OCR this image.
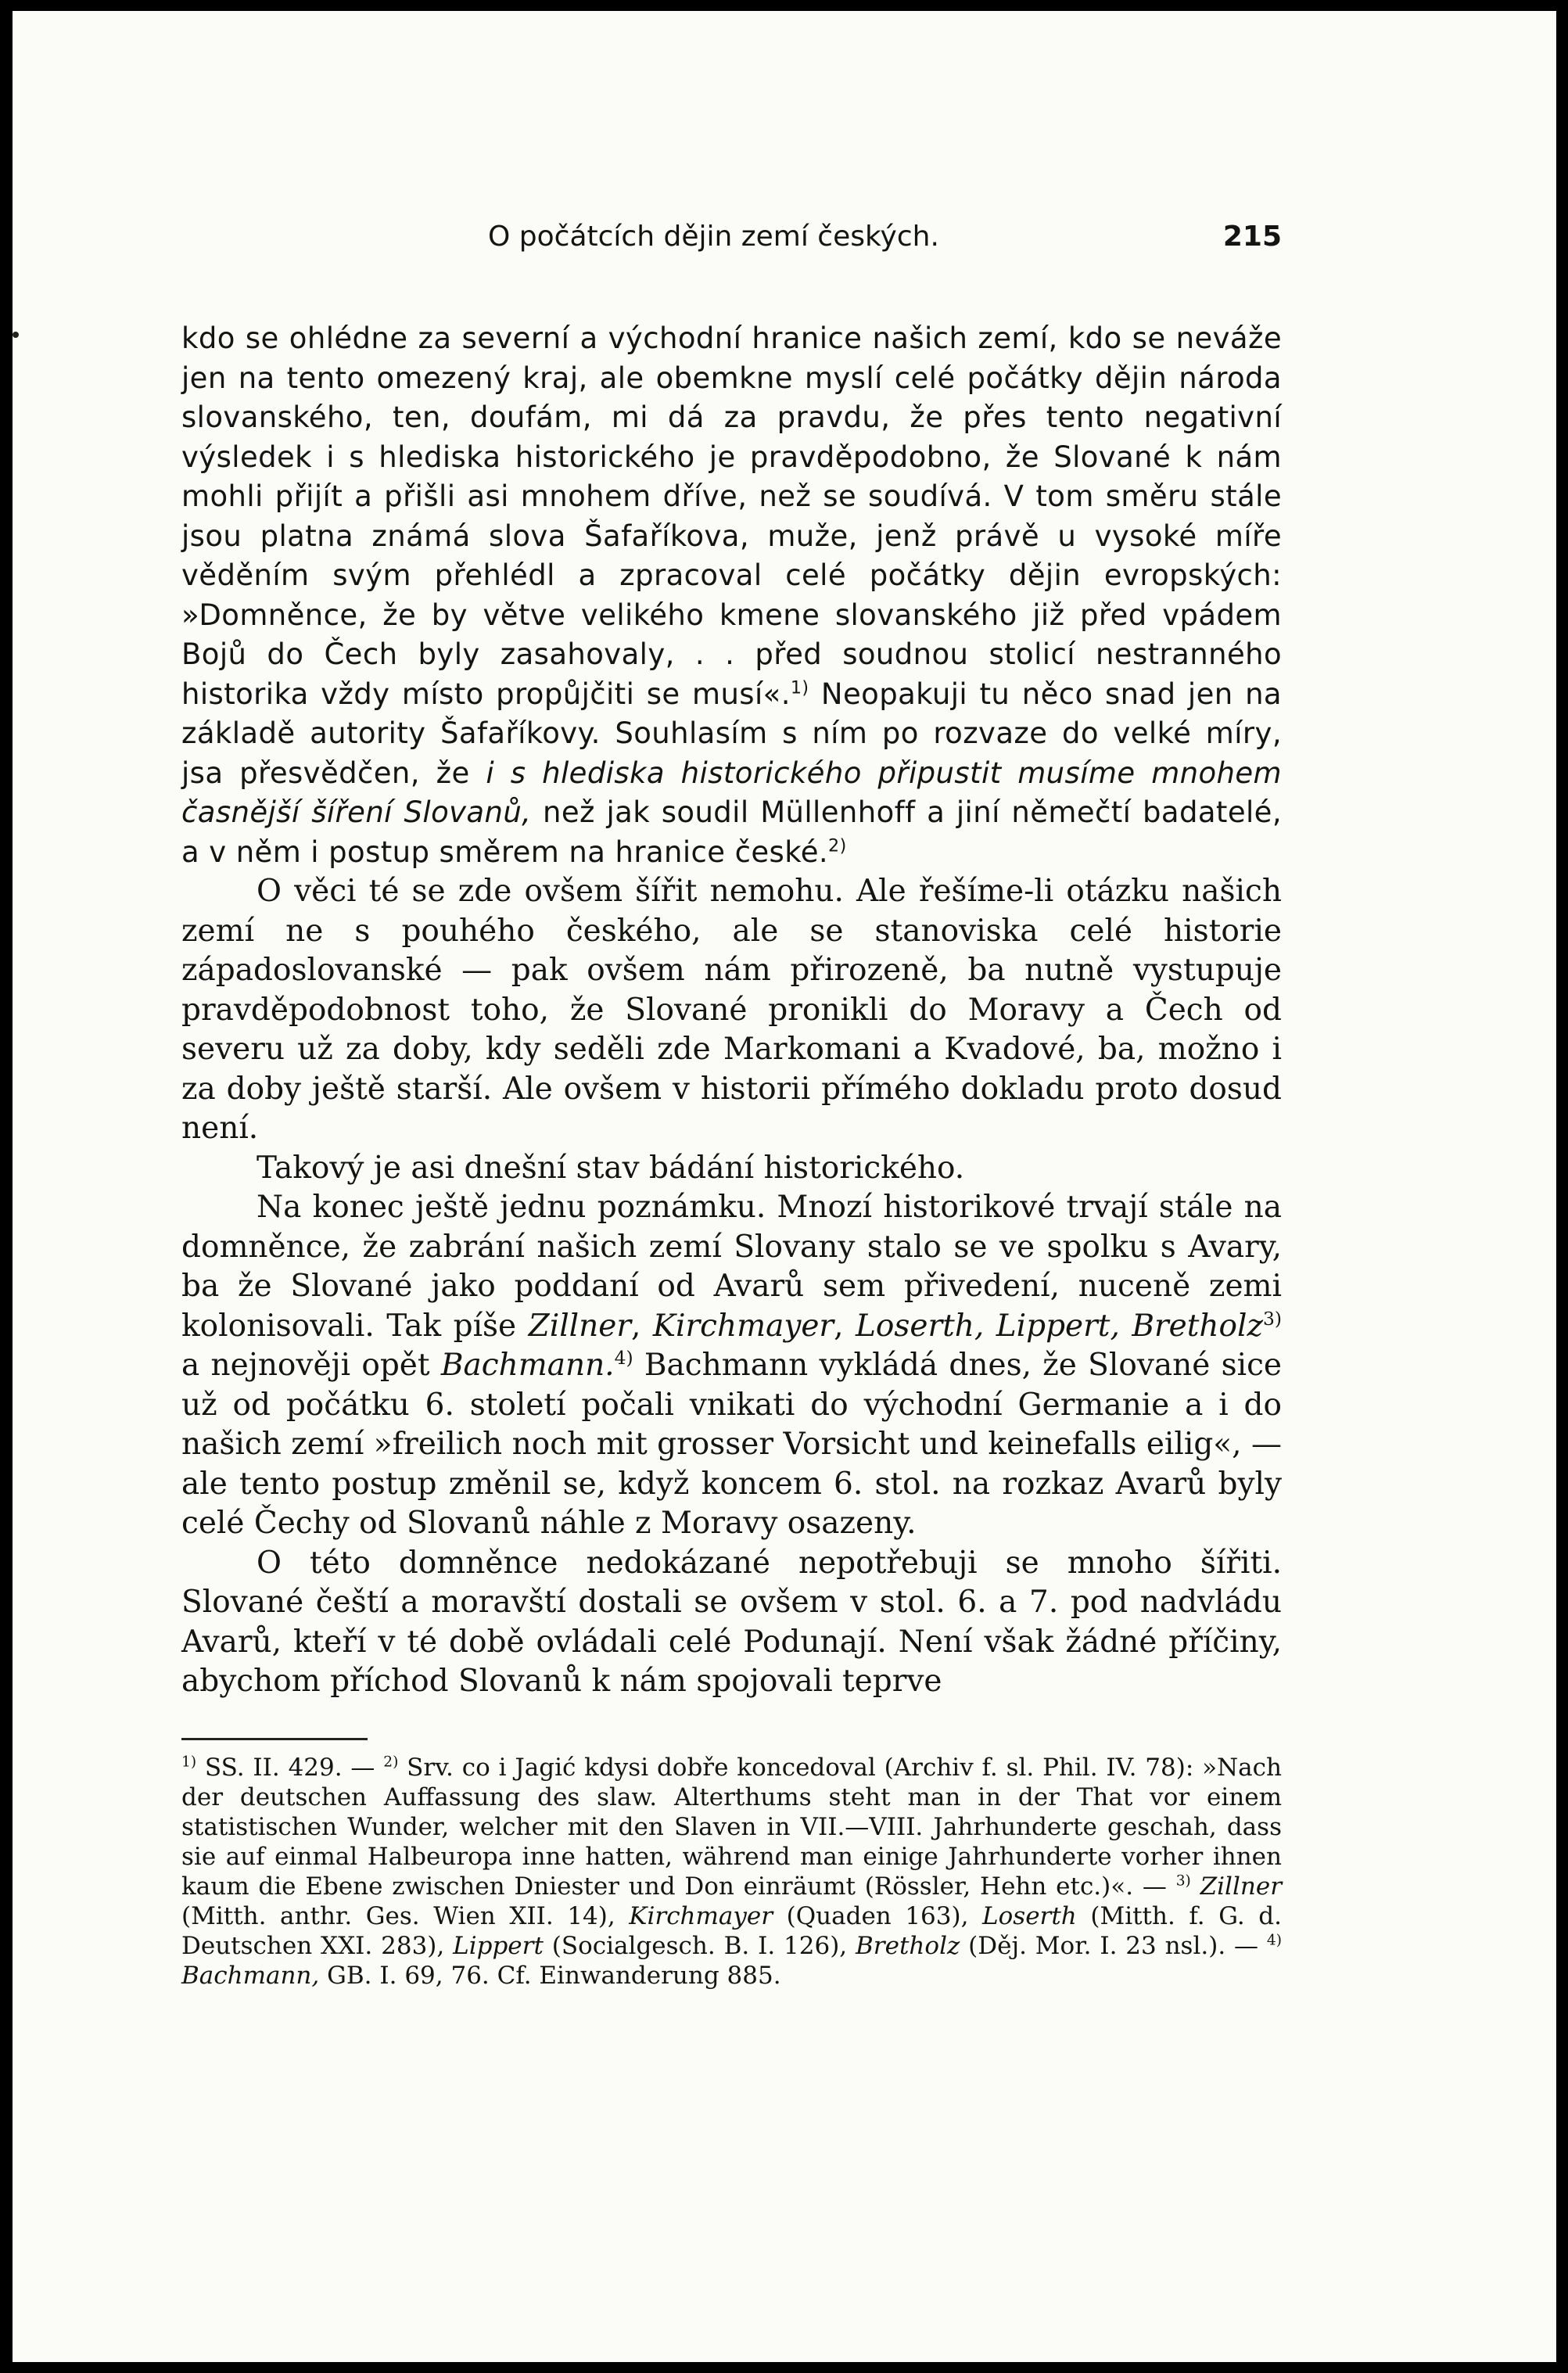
O počátcích dějin zemí českých.	215

kdo se ohlédne za severní a východní hranice našich zemí, kdo se neváže jen na tento omezený kraj, ale obemkne myslí celé počátky dějin národa slovanského, ten, doufám, mi dá za pravdu, že přes tento negativní výsledek i s hlediska historického je pravděpodobno, že Slované k nám mohli přijít a přišli asi mnohem dříve, než se soudívá. V tom směru stále jsou platna známá slova Šafaříkova, muže, jenž právě u vysoké míře věděním svým přehlédl a zpracoval celé počátky dějin evropských: »Domněnce, že by větve velikého kmene slovanského již před vpádem Bojů do Čech byly zasahovaly, . . před soudnou stolicí nestranného historika vždy místo propůjčiti se musí«.$^{1)}$ Neopakuji tu něco snad jen na základě autority Šafaříkovy. Souhlasím s ním po rozvaze do velké míry, jsa přesvědčen, že i s hlediska historického připustit musíme mnohem časnější šíření Slovanů, než jak soudil Müllenhoff a jiní němečtí badatelé, a v něm i postup směrem na hranice české.$^{2)}$

O věci té se zde ovšem šířit nemohu. Ale řešíme-li otázku našich zemí ne s pouhého českého, ale se stanoviska celé historie západoslovanské — pak ovšem nám přirozeně, ba nutně vystupuje pravděpodobnost toho, že Slované pronikli do Moravy a Čech od severu už za doby, kdy seděli zde Markomani a Kvadové, ba, možno i za doby ještě starší. Ale ovšem v historii přímého dokladu proto dosud není.

Takový je asi dnešní stav bádání historického.

Na konec ještě jednu poznámku. Mnozí historikové trvají stále na domněnce, že zabrání našich zemí Slovany stalo se ve spolku s Avary, ba že Slované jako poddaní od Avarů sem přivedení, nuceně zemi kolonisovali. Tak píše Zillner, Kirchmayer, Loserth, Lippert, Bretholz$^{3)}$ a nejnověji opět Bachmann.$^{4)}$ Bachmann vykládá dnes, že Slované sice už od počátku 6. století počali vnikati do východní Germanie a i do našich zemí »freilich noch mit grosser Vorsicht und keinefalls eilig«, — ale tento postup změnil se, když koncem 6. stol. na rozkaz Avarů byly celé Čechy od Slovanů náhle z Moravy osazeny.

O této domněnce nedokázané nepotřebuji se mnoho šířiti. Slované čeští a moravští dostali se ovšem v stol. 6. a 7. pod nadvládu Avarů, kteří v té době ovládali celé Podunají. Není však žádné příčiny, abychom příchod Slovanů k nám spojovali teprve

$^{1)}$ SS. II. 429. — $^{2)}$ Srv. co i Jagić kdysi dobře koncedoval (Archiv f. sl. Phil. IV. 78): »Nach der deutschen Auffassung des slaw. Alterthums steht man in der That vor einem statistischen Wunder, welcher mit den Slaven in VII.—VIII. Jahrhunderte geschah, dass sie auf einmal Halbeuropa inne hatten, während man einige Jahrhunderte vorher ihnen kaum die Ebene zwischen Dniester und Don einräumt (Rössler, Hehn etc.)«. — $^{3)}$ Zillner (Mitth. anthr. Ges. Wien XII. 14), Kirchmayer (Quaden 163), Loserth (Mitth. f. G. d. Deutschen XXI. 283), Lippert (Socialgesch. B. I. 126), Bretholz (Děj. Mor. I. 23 nsl.). — $^{4)}$ Bachmann, GB. I. 69, 76. Cf. Einwanderung 885.
